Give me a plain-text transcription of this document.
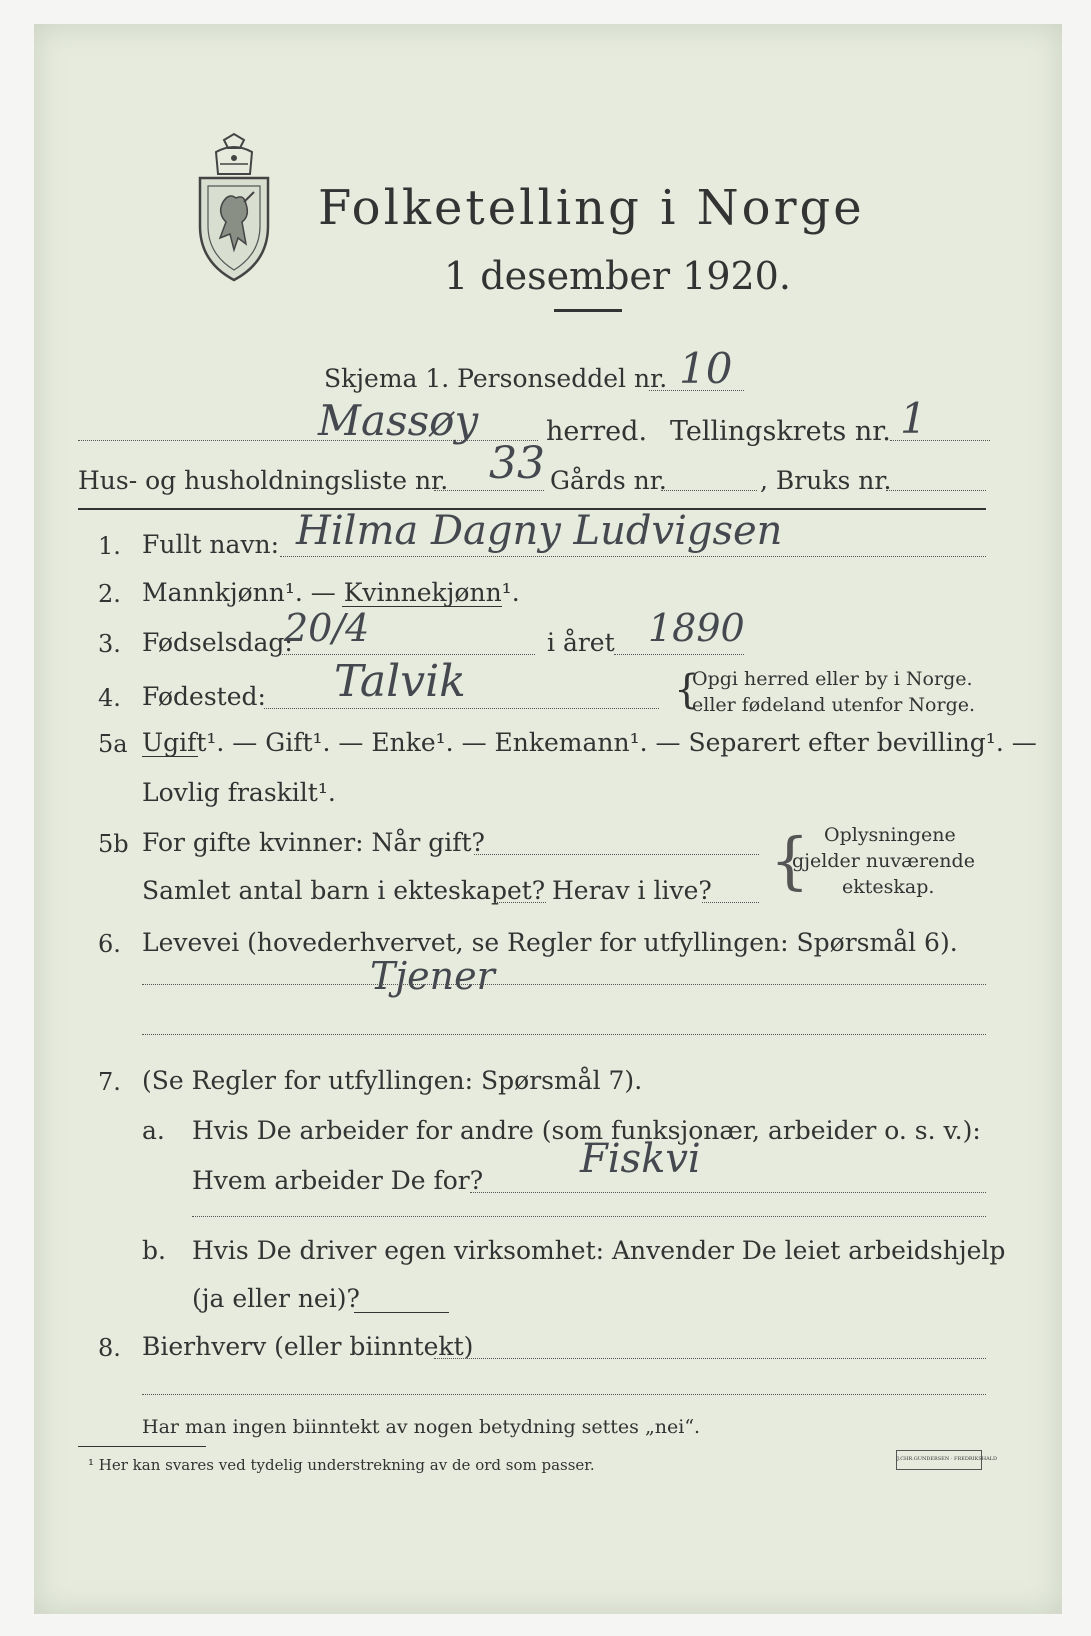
Folketelling i Norge
1 desember 1920.
Skjema 1. Personseddel nr. 10
Massøy	herred. Tellingskrets nr. 1
Hus- og husholdningsliste nr. 33 Gårds nr.	, Bruks nr.
1. Fullt navn: Hilma Dagny Ludvigsen
2. Mannkjønn¹. — Kvinnekjønn¹.
3. Fødselsdag:
20/4	i året 1890
4. Fødested: Talvik	{
Opgi herred eller by i Norge.
eller fødeland utenfor Norge.
5a Ugift¹. — Gift¹. — Enke¹. — Enkemann¹. — Separert efter bevilling¹. —
Lovlig fraskilt¹.
5b For gifte kvinner: Når gift?
Samlet antal barn i ekteskapet? Herav i live? { Oplysningene
gjelder nuværende
ekteskap.
6. Levevei (hovederhvervet, se Regler for utfyllingen: Spørsmål 6).
Tjener
7. (Se Regler for utfyllingen: Spørsmål 7).
a. Hvis De arbeider for andre (som funksjonær, arbeider o. s. v.):
Hvem arbeider De for? Fiskvi
b. Hvis De driver egen virksomhet: Anvender De leiet arbeidshjelp
(ja eller nei)?
8. Bierhverv (eller biinntekt)
Har man ingen biinntekt av nogen betydning settes „nei“.
¹ Her kan svares ved tydelig understrekning av de ord som passer.	J.CHR.GUNDERSEN · FREDRIKSHALD
